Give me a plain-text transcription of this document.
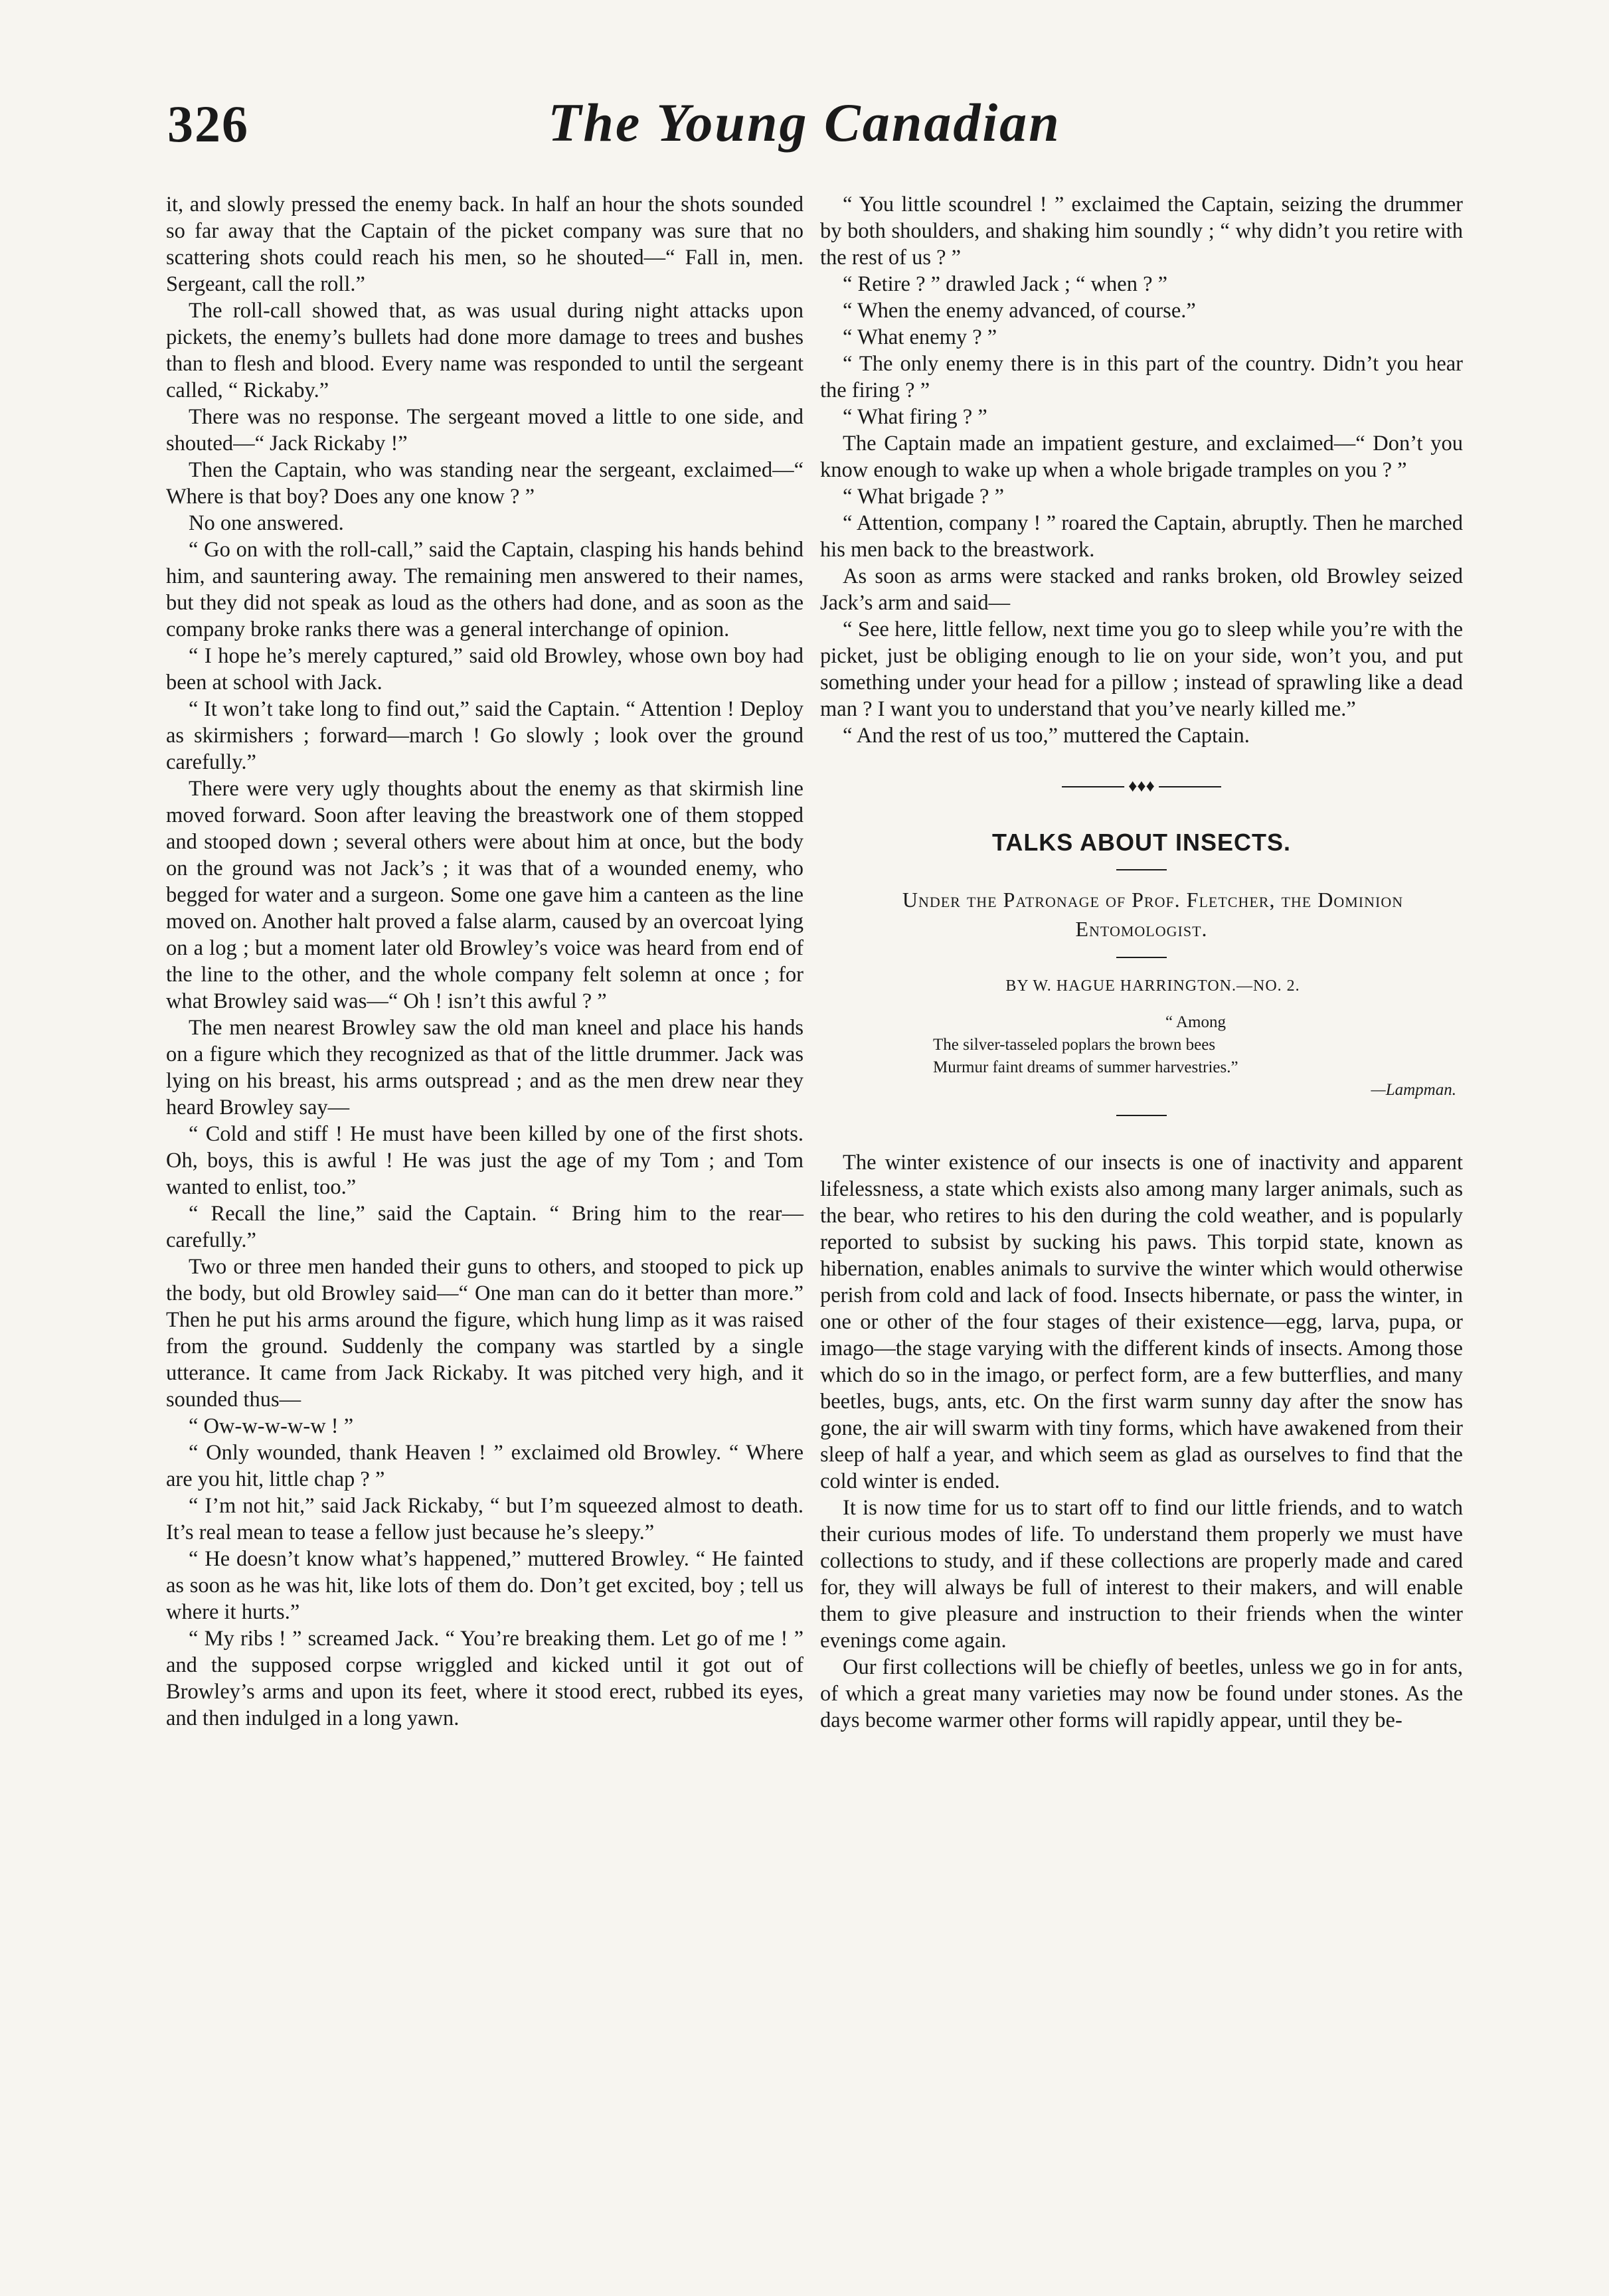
326	The Young Canadian

it, and slowly pressed the enemy back. In half an hour the shots sounded so far away that the Captain of the picket company was sure that no scattering shots could reach his men, so he shouted—“ Fall in, men. Sergeant, call the roll.”

The roll-call showed that, as was usual during night attacks upon pickets, the enemy’s bullets had done more damage to trees and bushes than to flesh and blood. Every name was responded to until the sergeant called, “ Rickaby.”

There was no response. The sergeant moved a little to one side, and shouted—“ Jack Rickaby !”

Then the Captain, who was standing near the sergeant, exclaimed—“ Where is that boy? Does any one know ? ”

No one answered.

“ Go on with the roll-call,” said the Captain, clasping his hands behind him, and sauntering away. The remaining men answered to their names, but they did not speak as loud as the others had done, and as soon as the company broke ranks there was a general interchange of opinion.

“ I hope he’s merely captured,” said old Browley, whose own boy had been at school with Jack.

“ It won’t take long to find out,” said the Captain. “ Attention ! Deploy as skirmishers ; forward—march ! Go slowly ; look over the ground carefully.”

There were very ugly thoughts about the enemy as that skirmish line moved forward. Soon after leaving the breastwork one of them stopped and stooped down ; several others were about him at once, but the body on the ground was not Jack’s ; it was that of a wounded enemy, who begged for water and a surgeon. Some one gave him a canteen as the line moved on. Another halt proved a false alarm, caused by an overcoat lying on a log ; but a moment later old Browley’s voice was heard from end of the line to the other, and the whole company felt solemn at once ; for what Browley said was—“ Oh ! isn’t this awful ? ”

The men nearest Browley saw the old man kneel and place his hands on a figure which they recognized as that of the little drummer. Jack was lying on his breast, his arms outspread ; and as the men drew near they heard Browley say—

“ Cold and stiff ! He must have been killed by one of the first shots. Oh, boys, this is awful ! He was just the age of my Tom ; and Tom wanted to enlist, too.”

“ Recall the line,” said the Captain. “ Bring him to the rear—carefully.”

Two or three men handed their guns to others, and stooped to pick up the body, but old Browley said—“ One man can do it better than more.” Then he put his arms around the figure, which hung limp as it was raised from the ground. Suddenly the company was startled by a single utterance. It came from Jack Rickaby. It was pitched very high, and it sounded thus—

“ Ow-w-w-w-w ! ”

“ Only wounded, thank Heaven ! ” exclaimed old Browley. “ Where are you hit, little chap ? ”

“ I’m not hit,” said Jack Rickaby, “ but I’m squeezed almost to death. It’s real mean to tease a fellow just because he’s sleepy.”

“ He doesn’t know what’s happened,” muttered Browley. “ He fainted as soon as he was hit, like lots of them do. Don’t get excited, boy ; tell us where it hurts.”

“ My ribs ! ” screamed Jack. “ You’re breaking them. Let go of me ! ” and the supposed corpse wriggled and kicked until it got out of Browley’s arms and upon its feet, where it stood erect, rubbed its eyes, and then indulged in a long yawn.

“ You little scoundrel ! ” exclaimed the Captain, seizing the drummer by both shoulders, and shaking him soundly ; “ why didn’t you retire with the rest of us ? ”

“ Retire ? ” drawled Jack ; “ when ? ”

“ When the enemy advanced, of course.”

“ What enemy ? ”

“ The only enemy there is in this part of the country. Didn’t you hear the firing ? ”

“ What firing ? ”

The Captain made an impatient gesture, and exclaimed—“ Don’t you know enough to wake up when a whole brigade tramples on you ? ”

“ What brigade ? ”

“ Attention, company ! ” roared the Captain, abruptly. Then he marched his men back to the breastwork.

As soon as arms were stacked and ranks broken, old Browley seized Jack’s arm and said—

“ See here, little fellow, next time you go to sleep while you’re with the picket, just be obliging enough to lie on your side, won’t you, and put something under your head for a pillow ; instead of sprawling like a dead man ? I want you to understand that you’ve nearly killed me.”

“ And the rest of us too,” muttered the Captain.

♦♦♦
TALKS ABOUT INSECTS.

Under the Patronage of Prof. Fletcher, the Dominion Entomologist.

BY W. HAGUE HARRINGTON.—NO. 2.

“ Among
The silver-tasseled poplars the brown bees
Murmur faint dreams of summer harvestries.”
—Lampman.

The winter existence of our insects is one of inactivity and apparent lifelessness, a state which exists also among many larger animals, such as the bear, who retires to his den during the cold weather, and is popularly reported to subsist by sucking his paws. This torpid state, known as hibernation, enables animals to survive the winter which would otherwise perish from cold and lack of food. Insects hibernate, or pass the winter, in one or other of the four stages of their existence—egg, larva, pupa, or imago—the stage varying with the different kinds of insects. Among those which do so in the imago, or perfect form, are a few butterflies, and many beetles, bugs, ants, etc. On the first warm sunny day after the snow has gone, the air will swarm with tiny forms, which have awakened from their sleep of half a year, and which seem as glad as ourselves to find that the cold winter is ended.

It is now time for us to start off to find our little friends, and to watch their curious modes of life. To understand them properly we must have collections to study, and if these collections are properly made and cared for, they will always be full of interest to their makers, and will enable them to give pleasure and instruction to their friends when the winter evenings come again.

Our first collections will be chiefly of beetles, unless we go in for ants, of which a great many varieties may now be found under stones. As the days become warmer other forms will rapidly appear, until they be-
